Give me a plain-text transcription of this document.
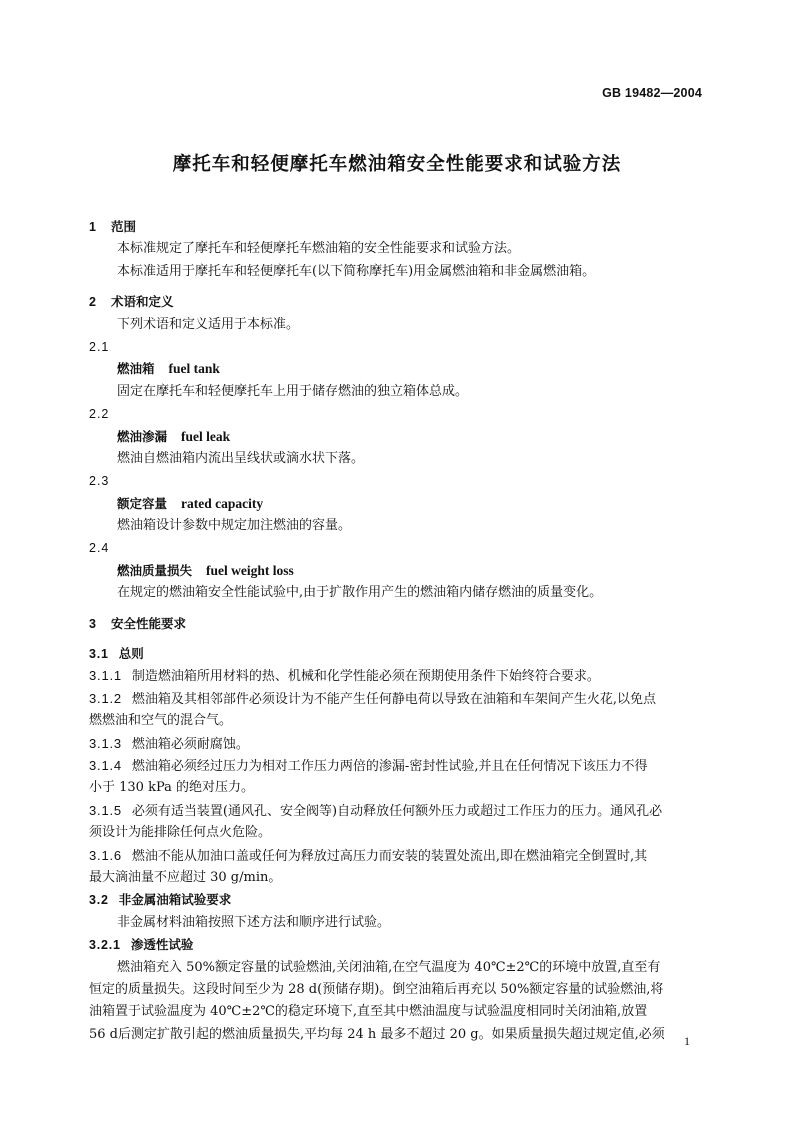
GB 19482—2004
摩托车和轻便摩托车燃油箱安全性能要求和试验方法
1 范围
本标准规定了摩托车和轻便摩托车燃油箱的安全性能要求和试验方法。
本标准适用于摩托车和轻便摩托车(以下简称摩托车)用金属燃油箱和非金属燃油箱。
2 术语和定义
下列术语和定义适用于本标准。
2.1
燃油箱 fuel tank
固定在摩托车和轻便摩托车上用于储存燃油的独立箱体总成。
2.2
燃油渗漏 fuel leak
燃油自燃油箱内流出呈线状或滴水状下落。
2.3
额定容量 rated capacity
燃油箱设计参数中规定加注燃油的容量。
2.4
燃油质量损失 fuel weight loss
在规定的燃油箱安全性能试验中,由于扩散作用产生的燃油箱内储存燃油的质量变化。
3 安全性能要求
3.1 总则
3.1.1 制造燃油箱所用材料的热、机械和化学性能必须在预期使用条件下始终符合要求。
3.1.2 燃油箱及其相邻部件必须设计为不能产生任何静电荷以导致在油箱和车架间产生火花,以免点
燃燃油和空气的混合气。
3.1.3 燃油箱必须耐腐蚀。
3.1.4 燃油箱必须经过压力为相对工作压力两倍的渗漏-密封性试验,并且在任何情况下该压力不得
小于 130 kPa 的绝对压力。
3.1.5 必须有适当装置(通风孔、安全阀等)自动释放任何额外压力或超过工作压力的压力。通风孔必
须设计为能排除任何点火危险。
3.1.6 燃油不能从加油口盖或任何为释放过高压力而安装的装置处流出,即在燃油箱完全倒置时,其
最大滴油量不应超过 30 g/min。
3.2 非金属油箱试验要求
非金属材料油箱按照下述方法和顺序进行试验。
3.2.1 渗透性试验
燃油箱充入 50%额定容量的试验燃油,关闭油箱,在空气温度为 40℃±2℃的环境中放置,直至有
恒定的质量损失。这段时间至少为 28 d(预储存期)。倒空油箱后再充以 50%额定容量的试验燃油,将
油箱置于试验温度为 40℃±2℃的稳定环境下,直至其中燃油温度与试验温度相同时关闭油箱,放置
56 d后测定扩散引起的燃油质量损失,平均每 24 h 最多不超过 20 g。如果质量损失超过规定值,必须	1
